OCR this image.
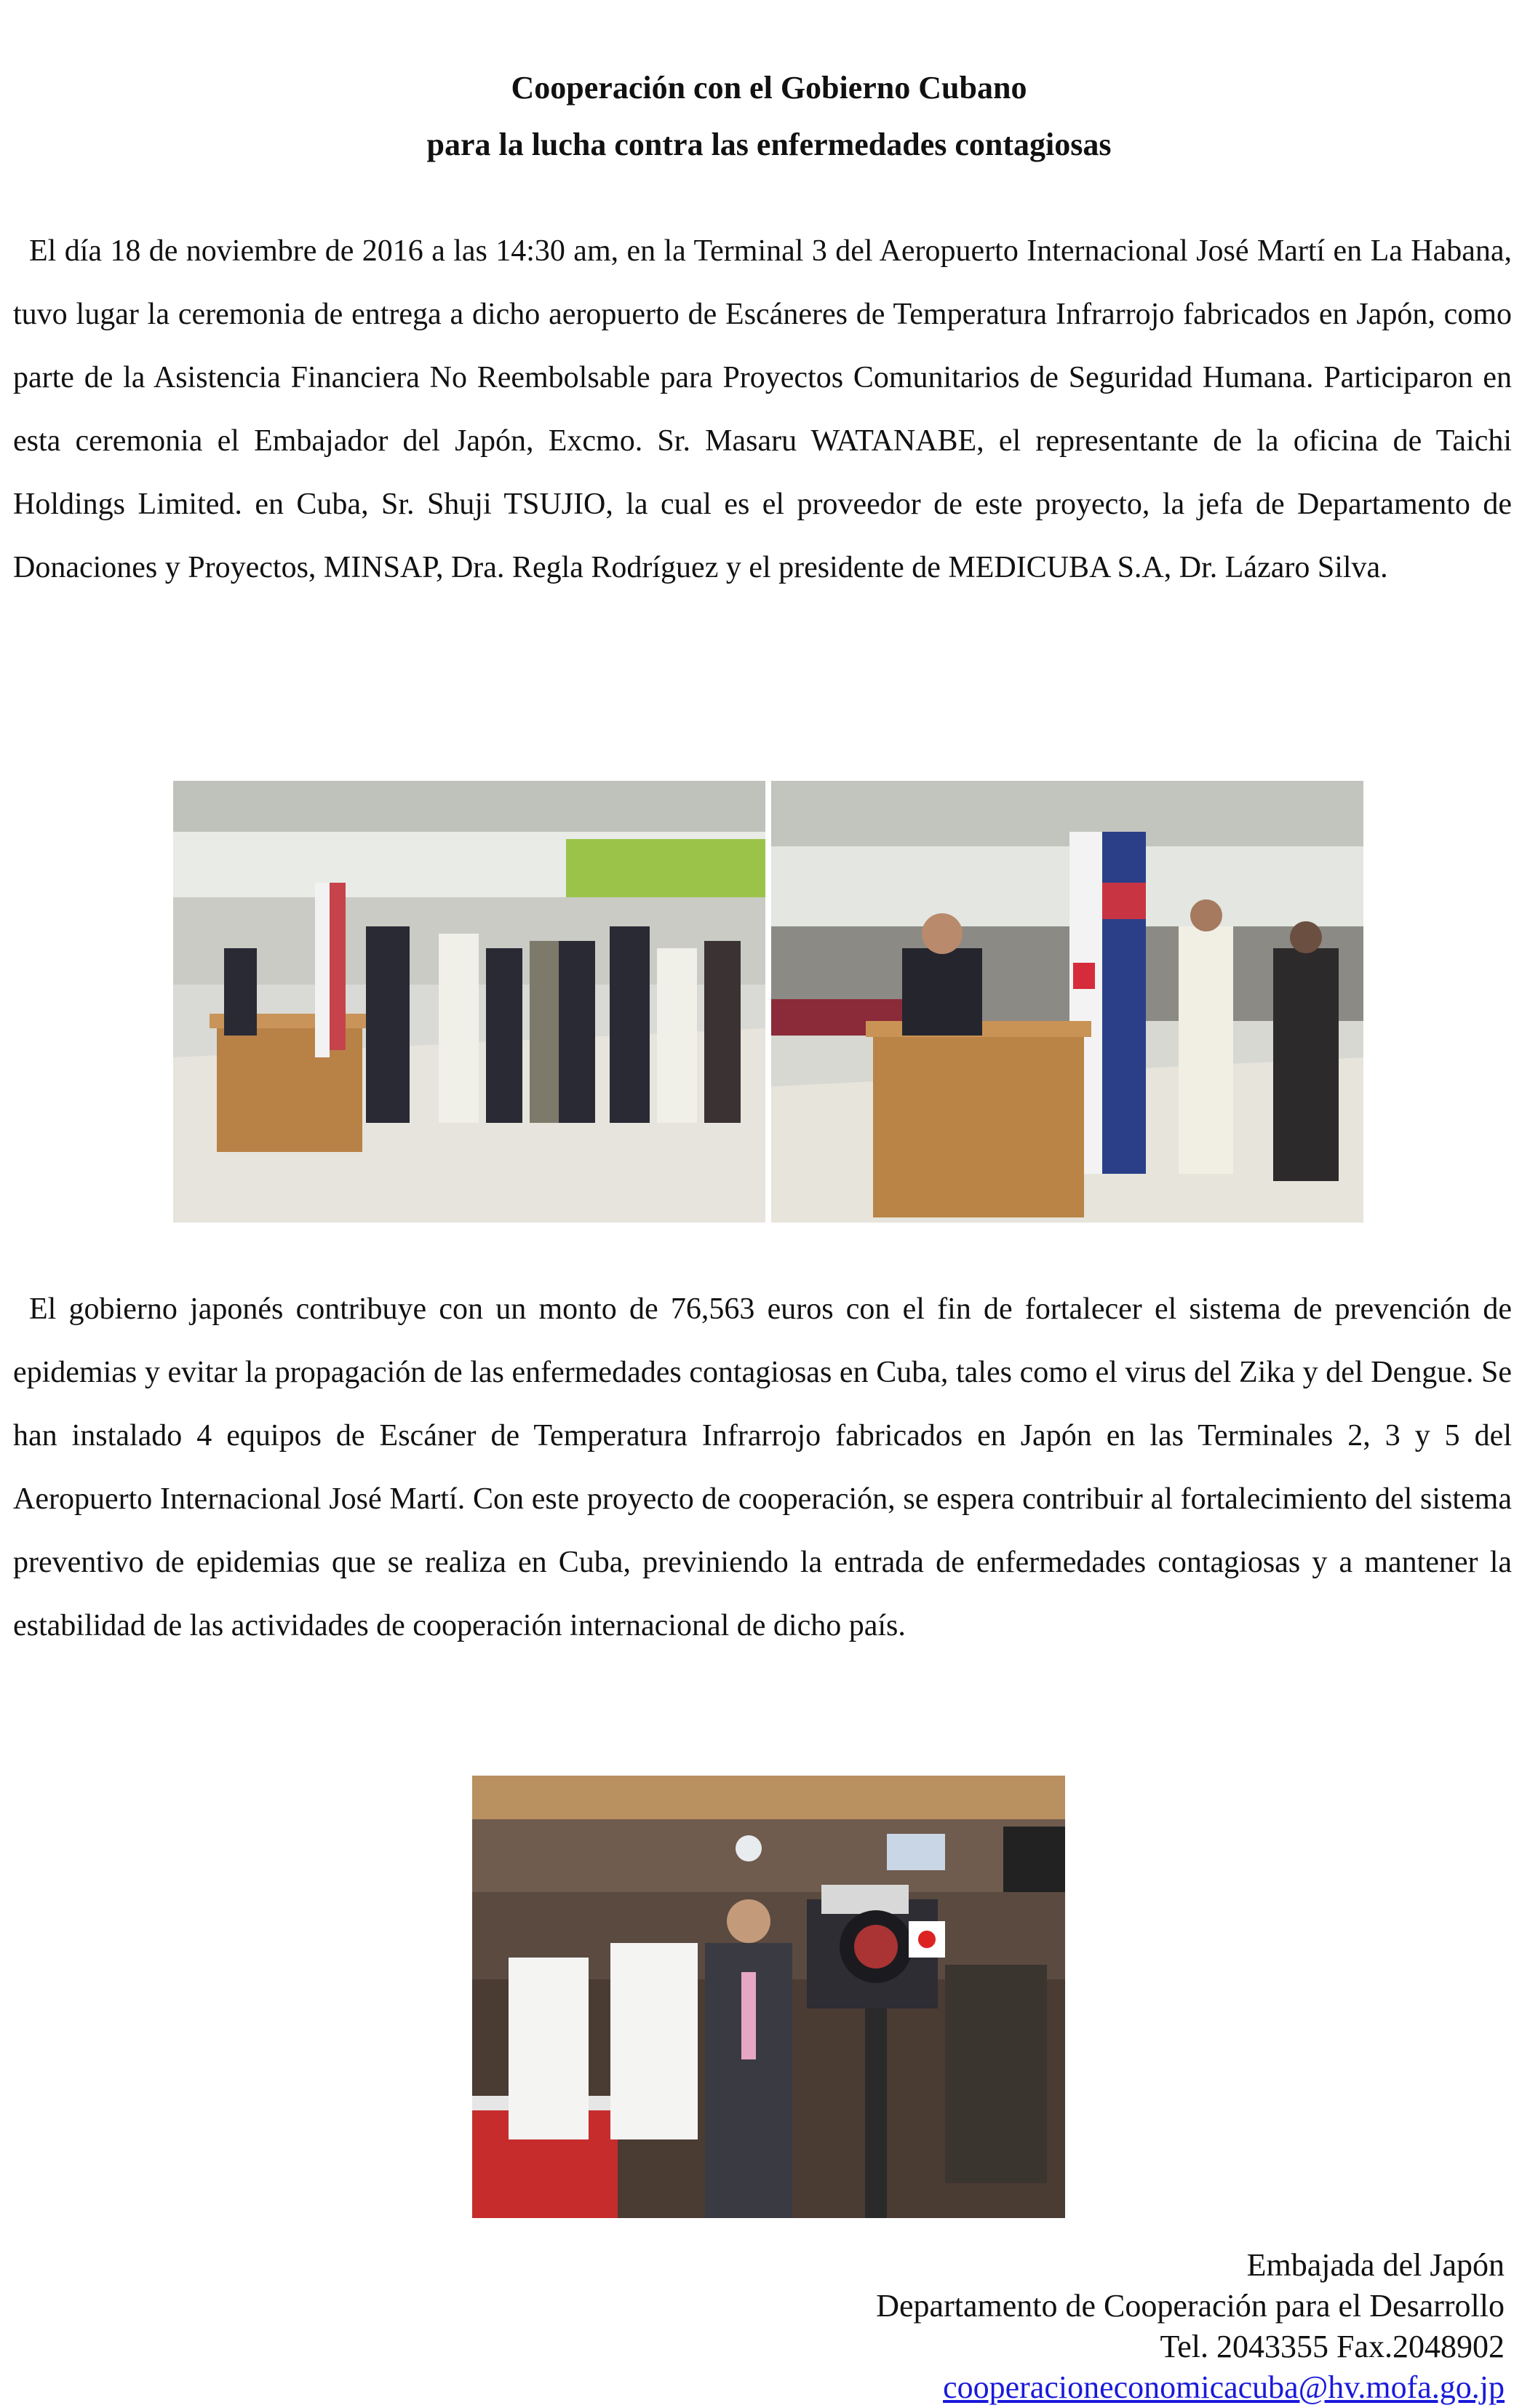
Cooperación con el Gobierno Cubano
para la lucha contra las enfermedades contagiosas

El día 18 de noviembre de 2016 a las 14:30 am, en la Terminal 3 del Aeropuerto Internacional José Martí en La Habana, tuvo lugar la ceremonia de entrega a dicho aeropuerto de Escáneres de Temperatura Infrarrojo fabricados en Japón, como parte de la Asistencia Financiera No Reembolsable para Proyectos Comunitarios de Seguridad Humana. Participaron en esta ceremonia el Embajador del Japón, Excmo. Sr. Masaru WATANABE, el representante de la oficina de Taichi Holdings Limited. en Cuba, Sr. Shuji TSUJIO, la cual es el proveedor de este proyecto, la jefa de Departamento de Donaciones y Proyectos, MINSAP, Dra. Regla Rodríguez y el presidente de MEDICUBA S.A, Dr. Lázaro Silva.

El gobierno japonés contribuye con un monto de 76,563 euros con el fin de fortalecer el sistema de prevención de epidemias y evitar la propagación de las enfermedades contagiosas en Cuba, tales como el virus del Zika y del Dengue. Se han instalado 4 equipos de Escáner de Temperatura Infrarrojo fabricados en Japón en las Terminales 2, 3 y 5 del Aeropuerto Internacional José Martí. Con este proyecto de cooperación, se espera contribuir al fortalecimiento del sistema preventivo de epidemias que se realiza en Cuba, previniendo la entrada de enfermedades contagiosas y a mantener la estabilidad de las actividades de cooperación internacional de dicho país.

Embajada del Japón
Departamento de Cooperación para el Desarrollo
Tel. 2043355 Fax.2048902
cooperacioneconomicacuba@hv.mofa.go.jp
